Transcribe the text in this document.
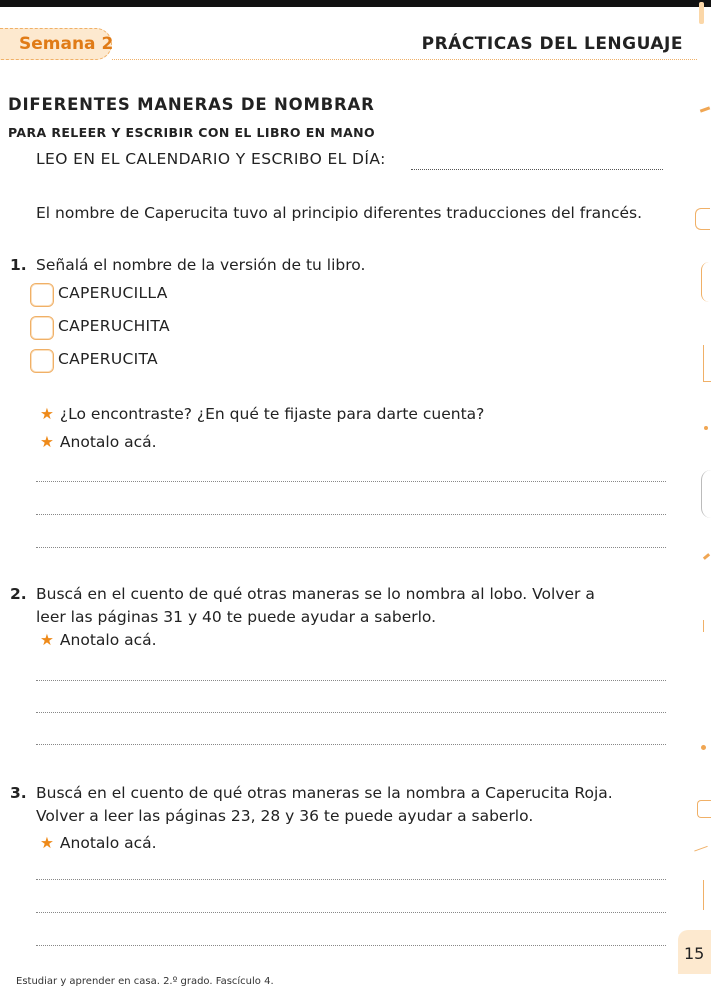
Semana 2	PRÁCTICAS DEL LENGUAJE
DIFERENTES MANERAS DE NOMBRAR
PARA RELEER Y ESCRIBIR CON EL LIBRO EN MANO
LEO EN EL CALENDARIO Y ESCRIBO EL DÍA:
El nombre de Caperucita tuvo al principio diferentes traducciones del francés.
1. Señalá el nombre de la versión de tu libro.
CAPERUCILLA
CAPERUCHITA
CAPERUCITA
★ ¿Lo encontraste? ¿En qué te fijaste para darte cuenta?
★ Anotalo acá.
2. Buscá en el cuento de qué otras maneras se lo nombra al lobo. Volver a
leer las páginas 31 y 40 te puede ayudar a saberlo.
★ Anotalo acá.
3. Buscá en el cuento de qué otras maneras se la nombra a Caperucita Roja.
Volver a leer las páginas 23, 28 y 36 te puede ayudar a saberlo.
★ Anotalo acá.
15
Estudiar y aprender en casa. 2.º grado. Fascículo 4.
